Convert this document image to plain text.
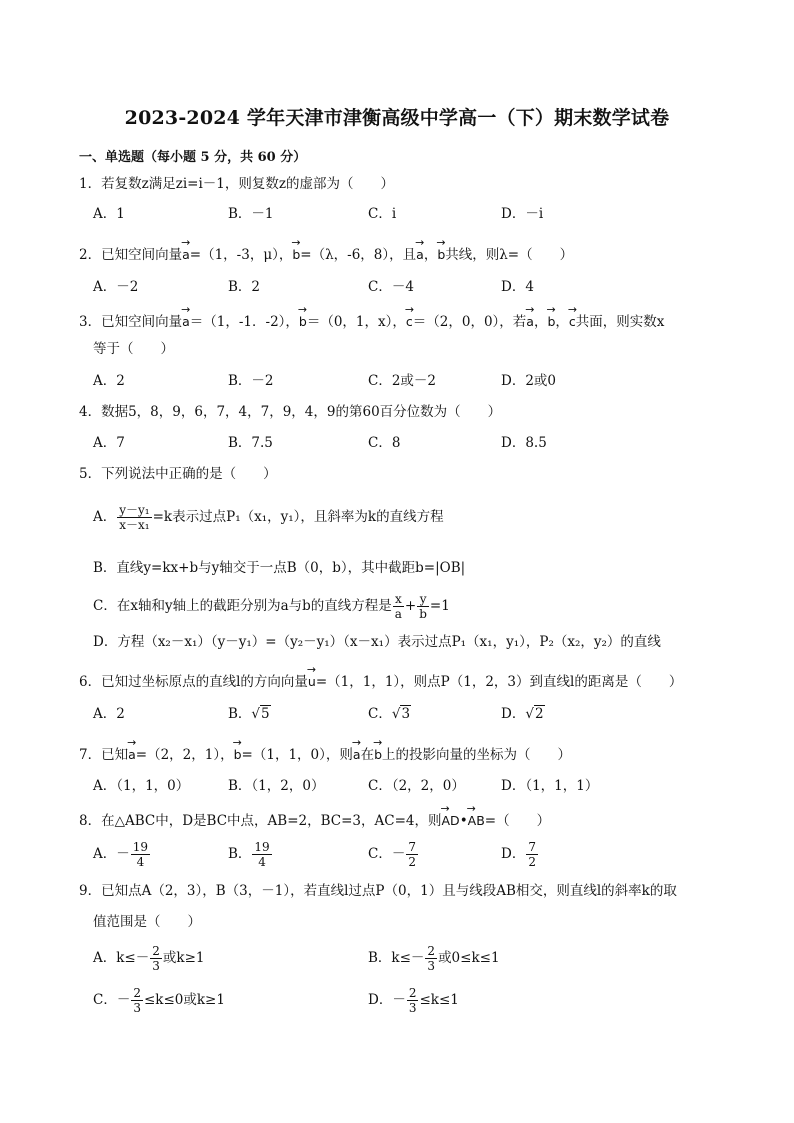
2023-2024 学年天津市津衡高级中学高一（下）期末数学试卷
一、单选题（每小题 5 分，共 60 分）
1．若复数z满足zi=i－1，则复数z的虚部为（　　）
A．1	B．－1	C．i	D．－i
2．已知空间向量→ a=（1，-3，μ），→ b=（λ，-6，8），且→ a，→ b共线，则λ=（　　）
A．－2	B．2	C．－4	D．4
3．已知空间向量→ a＝（1，-1．-2），→ b＝（0，1，x），→ c＝（2，0，0），若→ a，→ b，→ c共面，则实数x
等于（　　）
A．2	B．－2	C．2或－2	D．2或0
4．数据5，8，9，6，7，4，7，9，4，9的第60百分位数为（　　）
A．7	B．7.5	C．8	D．8.5
5．下列说法中正确的是（　　）
A． $\frac{\text{y－y₁}}{\text{x－x₁}} =k$表示过点P₁（x₁，y₁），且斜率为k的直线方程
B．直线y=kx+b与y轴交于一点B（0，b），其中截距b=|OB|
C．在x轴和y轴上的截距分别为a与b的直线方程是 $\frac{x}{a} + \frac{y}{b} =1$
D．方程（x₂－x₁）（y－y₁）=（y₂－y₁）（x－x₁）表示过点P₁（x₁，y₁），P₂（x₂，y₂）的直线
6．已知过坐标原点的直线l的方向向量→ u=（1，1，1），则点P（1，2，3）到直线l的距离是（　　）
A．2	B．√5	C．√3	D．√2
7．已知→ a=（2，2，1），→ b=（1，1，0），则→ a在→ b上的投影向量的坐标为（　　）
A．（1，1，0）	B．（1，2，0）	C．（2，2，0）	D．（1，1，1）
8．在△ABC中，D是BC中点，AB=2，BC=3，AC=4，则→ AD•→ AB=（　　）
A．－ $\frac{19}{4}$	B． $\frac{19}{4}$	C．－ $\frac{7}{2}$	D． $\frac{7}{2}$
9．已知点A（2，3），B（3，－1），若直线l过点P（0，1）且与线段AB相交，则直线l的斜率k的取
值范围是（　　）
A．$k\le- \frac{2}{3}$ 或k≥1	B．$k\le- \frac{2}{3}$ 或0≤k≤1
C．－ $\frac{2}{3} \le k\le 0$或k≥1	D．－ $\frac{2}{3} \le k\le 1$
